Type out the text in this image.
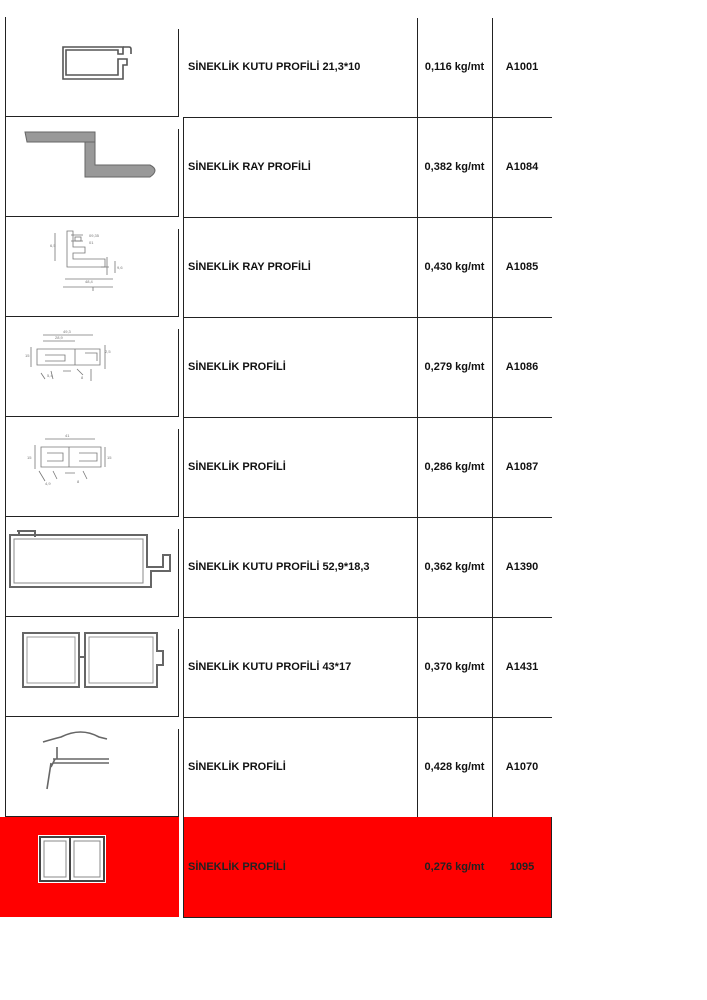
SİNEKLİK KUTU PROFİLİ 21,3*10	0,116 kg/mt	A1001
SİNEKLİK RAY PROFİLİ	0,382 kg/mt	A1084
09,35
01
6,5
9,6
48,4
SİNEKLİK RAY PROFİLİ	0,430 kg/mt	A1085
49,3
28,9
15
2,5
5,4	8
SİNEKLİK PROFİLİ	0,279 kg/mt	A1086
41
15	15
4,9	8
SİNEKLİK PROFİLİ	0,286 kg/mt	A1087
SİNEKLİK KUTU PROFİLİ 52,9*18,3	0,362 kg/mt	A1390
SİNEKLİK KUTU PROFİLİ 43*17	0,370 kg/mt	A1431
SİNEKLİK PROFİLİ	0,428 kg/mt	A1070
SİNEKLİK PROFİLİ	0,276 kg/mt	1095
